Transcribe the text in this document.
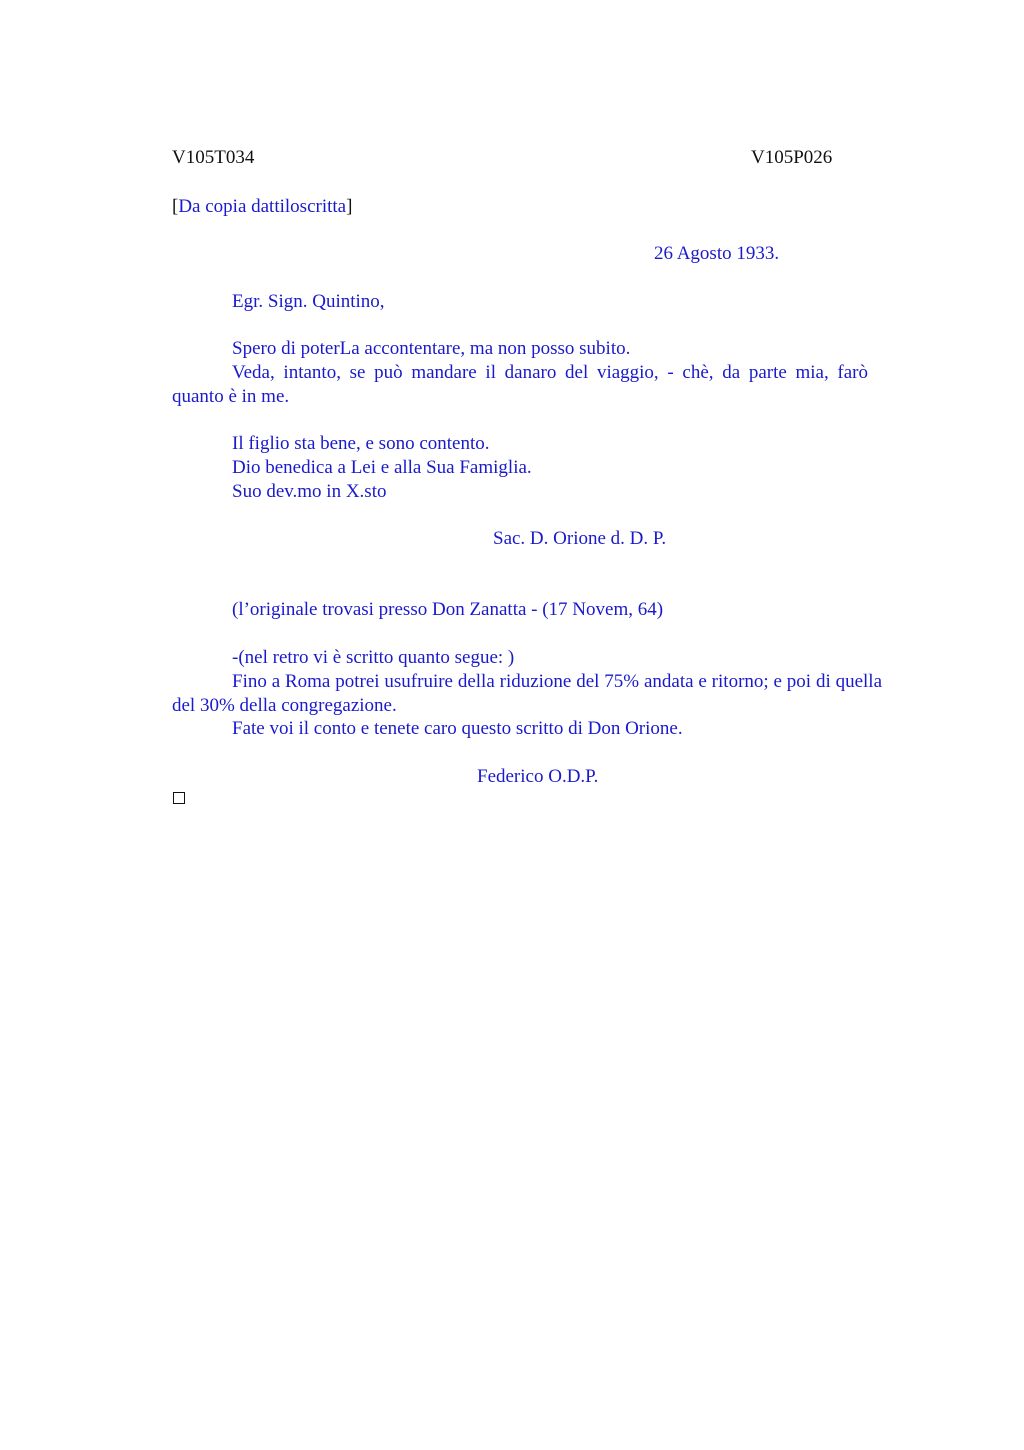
V105T034	V105P026
[Da copia dattiloscritta]
26 Agosto 1933.
Egr. Sign. Quintino,
Spero di poterLa accontentare, ma non posso subito.
Veda, intanto, se può mandare il danaro del viaggio, - chè, da parte mia, farò quanto è in me.
Il figlio sta bene, e sono contento.
Dio benedica a Lei e alla Sua Famiglia.
Suo dev.mo in X.sto
Sac. D. Orione d. D. P.
(l’originale trovasi presso Don Zanatta - (17 Novem, 64)
-(nel retro vi è scritto quanto segue: )
Fino a Roma potrei usufruire della riduzione del 75% andata e ritorno; e poi di quella del 30% della congregazione.
Fate voi il conto e tenete caro questo scritto di Don Orione.
Federico O.D.P.
